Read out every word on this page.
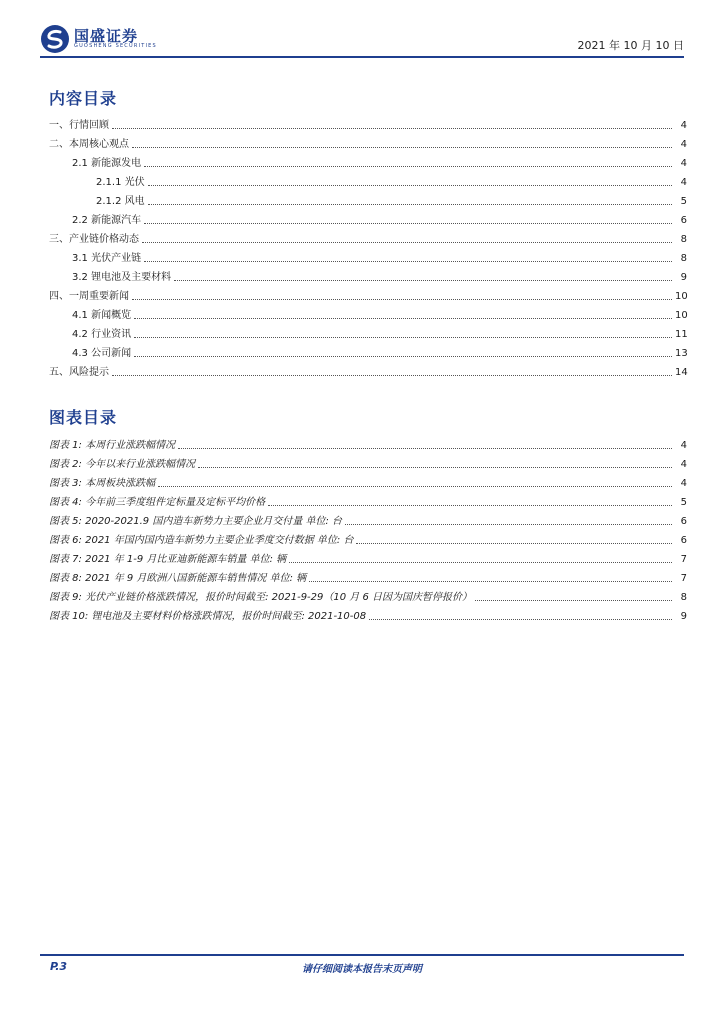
国盛证券
GUOSHENG SECURITIES	2021 年 10 月 10 日
内容目录
一、行情回顾	4
二、本周核心观点	4
2.1 新能源发电	4
2.1.1 光伏	4
2.1.2 风电	5
2.2 新能源汽车	6
三、产业链价格动态	8
3.1 光伏产业链	8
3.2 锂电池及主要材料	9
四、一周重要新闻	10
4.1 新闻概览	10
4.2 行业资讯	11
4.3 公司新闻	13
五、风险提示	14
图表目录
图表 1: 本周行业涨跌幅情况	4
图表 2: 今年以来行业涨跌幅情况	4
图表 3: 本周板块涨跌幅	4
图表 4: 今年前三季度组件定标量及定标平均价格	5
图表 5: 2020-2021.9 国内造车新势力主要企业月交付量 单位: 台	6
图表 6: 2021 年国内国内造车新势力主要企业季度交付数据 单位: 台	6
图表 7: 2021 年 1-9 月比亚迪新能源车销量 单位: 辆	7
图表 8: 2021 年 9 月欧洲八国新能源车销售情况 单位: 辆	7
图表 9: 光伏产业链价格涨跌情况，报价时间截至: 2021-9-29（10 月 6 日因为国庆暂停报价）	8
图表 10: 锂电池及主要材料价格涨跌情况，报价时间截至: 2021-10-08	9
请仔细阅读本报告末页声明
P.3
